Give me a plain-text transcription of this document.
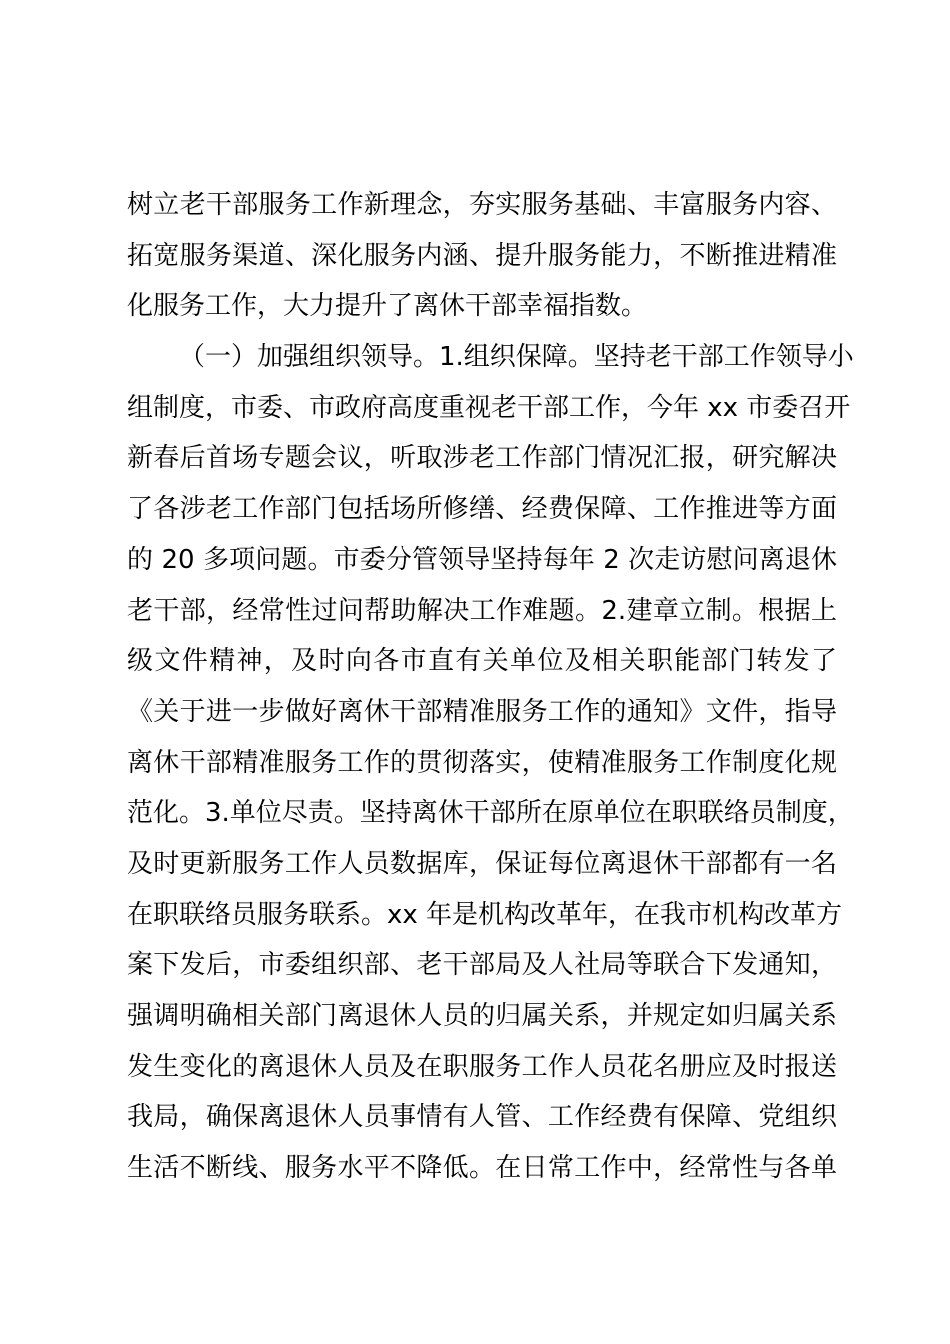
树立老干部服务工作新理念，夯实服务基础、丰富服务内容、
拓宽服务渠道、深化服务内涵、提升服务能力，不断推进精准
化服务工作，大力提升了离休干部幸福指数。
（一）加强组织领导。1.组织保障。坚持老干部工作领导小
组制度，市委、市政府高度重视老干部工作，今年 xx 市委召开
新春后首场专题会议，听取涉老工作部门情况汇报，研究解决
了各涉老工作部门包括场所修缮、经费保障、工作推进等方面
的 20 多项问题。市委分管领导坚持每年 2 次走访慰问离退休
老干部，经常性过问帮助解决工作难题。2.建章立制。根据上
级文件精神，及时向各市直有关单位及相关职能部门转发了
《关于进一步做好离休干部精准服务工作的通知》文件，指导
离休干部精准服务工作的贯彻落实，使精准服务工作制度化规
范化。3.单位尽责。坚持离休干部所在原单位在职联络员制度，
及时更新服务工作人员数据库，保证每位离退休干部都有一名
在职联络员服务联系。xx 年是机构改革年，在我市机构改革方
案下发后，市委组织部、老干部局及人社局等联合下发通知，
强调明确相关部门离退休人员的归属关系，并规定如归属关系
发生变化的离退休人员及在职服务工作人员花名册应及时报送
我局，确保离退休人员事情有人管、工作经费有保障、党组织
生活不断线、服务水平不降低。在日常工作中，经常性与各单
